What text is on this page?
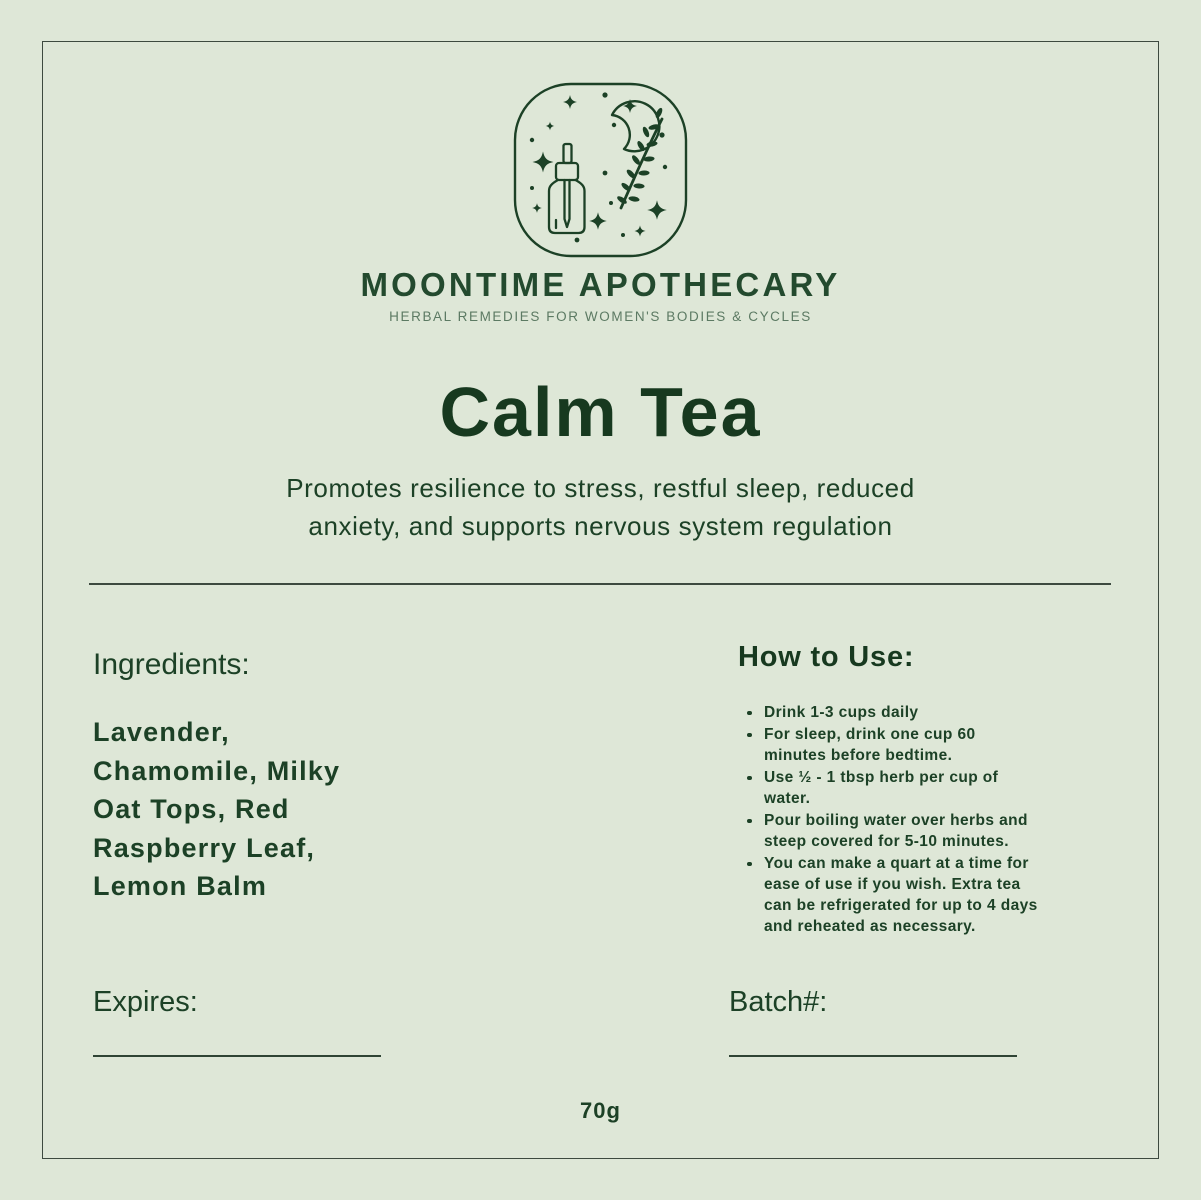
MOONTIME APOTHECARY
HERBAL REMEDIES FOR WOMEN'S BODIES & CYCLES
Calm Tea

Promotes resilience to stress, restful sleep, reduced
anxiety, and supports nervous system regulation

Ingredients:
Lavender,
Chamomile, Milky
Oat Tops, Red
Raspberry Leaf,
Lemon Balm
How to Use:
Drink 1-3 cups daily
For sleep, drink one cup 60 minutes before bedtime.
Use ½ - 1 tbsp herb per cup of water.
Pour boiling water over herbs and steep covered for 5-10 minutes.
You can make a quart at a time for ease of use if you wish. Extra tea can be refrigerated for up to 4 days and reheated as necessary.
Expires:	Batch#:
70g
